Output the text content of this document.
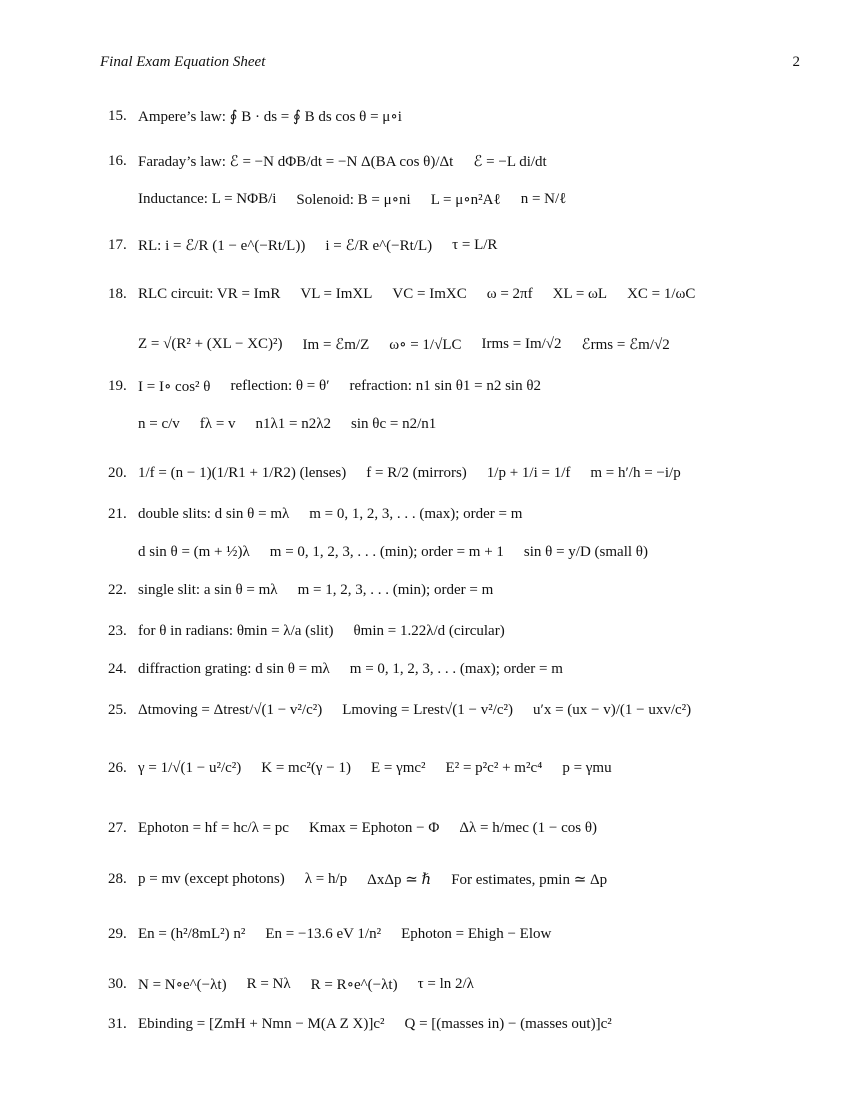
Final Exam Equation Sheet	2
15. Ampere’s law: ∮ B · ds = ∮ B ds cos θ = μ∘i
16. Faraday’s law: ℰ = −N dΦB/dt = −N Δ(BA cos θ)/Δt ℰ = −L di/dt
Inductance: L = NΦB/i Solenoid: B = μ∘ni L = μ∘n²Aℓ n = N/ℓ
17. RL: i = ℰ/R (1 − e^(−Rt/L)) i = ℰ/R e^(−Rt/L) τ = L/R
18. RLC circuit: VR = ImR VL = ImXL VC = ImXC ω = 2πf XL = ωL XC = 1/ωC
Z = √(R² + (XL − XC)²) Im = ℰm/Z ω∘ = 1/√LC Irms = Im/√2 ℰrms = ℰm/√2
19. I = I∘ cos² θ reflection: θ = θ′ refraction: n1 sin θ1 = n2 sin θ2
n = c/v fλ = v n1λ1 = n2λ2 sin θc = n2/n1
20. 1/f = (n − 1)(1/R1 + 1/R2) (lenses) f = R/2 (mirrors) 1/p + 1/i = 1/f m = h′/h = −i/p
21. double slits: d sin θ = mλ m = 0, 1, 2, 3, . . . (max); order = m
d sin θ = (m + ½)λ m = 0, 1, 2, 3, . . . (min); order = m + 1 sin θ = y/D (small θ)
22. single slit: a sin θ = mλ m = 1, 2, 3, . . . (min); order = m
23. for θ in radians: θmin = λ/a (slit) θmin = 1.22λ/d (circular)
24. diffraction grating: d sin θ = mλ m = 0, 1, 2, 3, . . . (max); order = m
25. Δtmoving = Δtrest/√(1 − v²/c²) Lmoving = Lrest√(1 − v²/c²) u′x = (ux − v)/(1 − uxv/c²)
26. γ = 1/√(1 − u²/c²) K = mc²(γ − 1) E = γmc² E² = p²c² + m²c⁴ p = γmu
27. Ephoton = hf = hc/λ = pc Kmax = Ephoton − Φ Δλ = h/mec (1 − cos θ)
28. p = mv (except photons) λ = h/p ΔxΔp ≃ ℏ For estimates, pmin ≃ Δp
29. En = (h²/8mL²) n² En = −13.6 eV 1/n² Ephoton = Ehigh − Elow
30. N = N∘e^(−λt) R = Nλ R = R∘e^(−λt) τ = ln 2/λ
31. Ebinding = [ZmH + Nmn − M(A Z X)]c² Q = [(masses in) − (masses out)]c²
